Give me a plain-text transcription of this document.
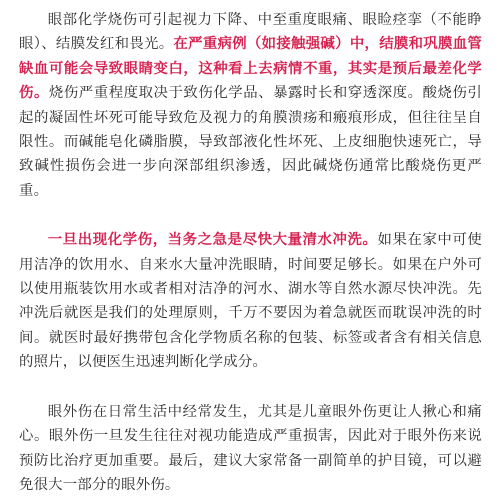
眼部化学烧伤可引起视力下降、中至重度眼痛、眼睑痉挛（不能睁眼）、结膜发红和畏光。在严重病例（如接触强碱）中，结膜和巩膜血管缺血可能会导致眼睛变白，这种看上去病情不重，其实是预后最差化学伤。烧伤严重程度取决于致伤化学品、暴露时长和穿透深度。酸烧伤引起的凝固性坏死可能导致危及视力的角膜溃疡和瘢痕形成，但往往呈自限性。而碱能皂化磷脂膜，导致部液化性坏死、上皮细胞快速死亡，导致碱性损伤会进一步向深部组织渗透，因此碱烧伤通常比酸烧伤更严重。

一旦出现化学伤，当务之急是尽快大量清水冲洗。如果在家中可使用洁净的饮用水、自来水大量冲洗眼睛，时间要足够长。如果在户外可以使用瓶装饮用水或者相对洁净的河水、湖水等自然水源尽快冲洗。先冲洗后就医是我们的处理原则，千万不要因为着急就医而耽误冲洗的时间。就医时最好携带包含化学物质名称的包装、标签或者含有相关信息的照片，以便医生迅速判断化学成分。

眼外伤在日常生活中经常发生，尤其是儿童眼外伤更让人揪心和痛心。眼外伤一旦发生往往对视功能造成严重损害，因此对于眼外伤来说预防比治疗更加重要。最后，建议大家常备一副简单的护目镜，可以避免很大一部分的眼外伤。
